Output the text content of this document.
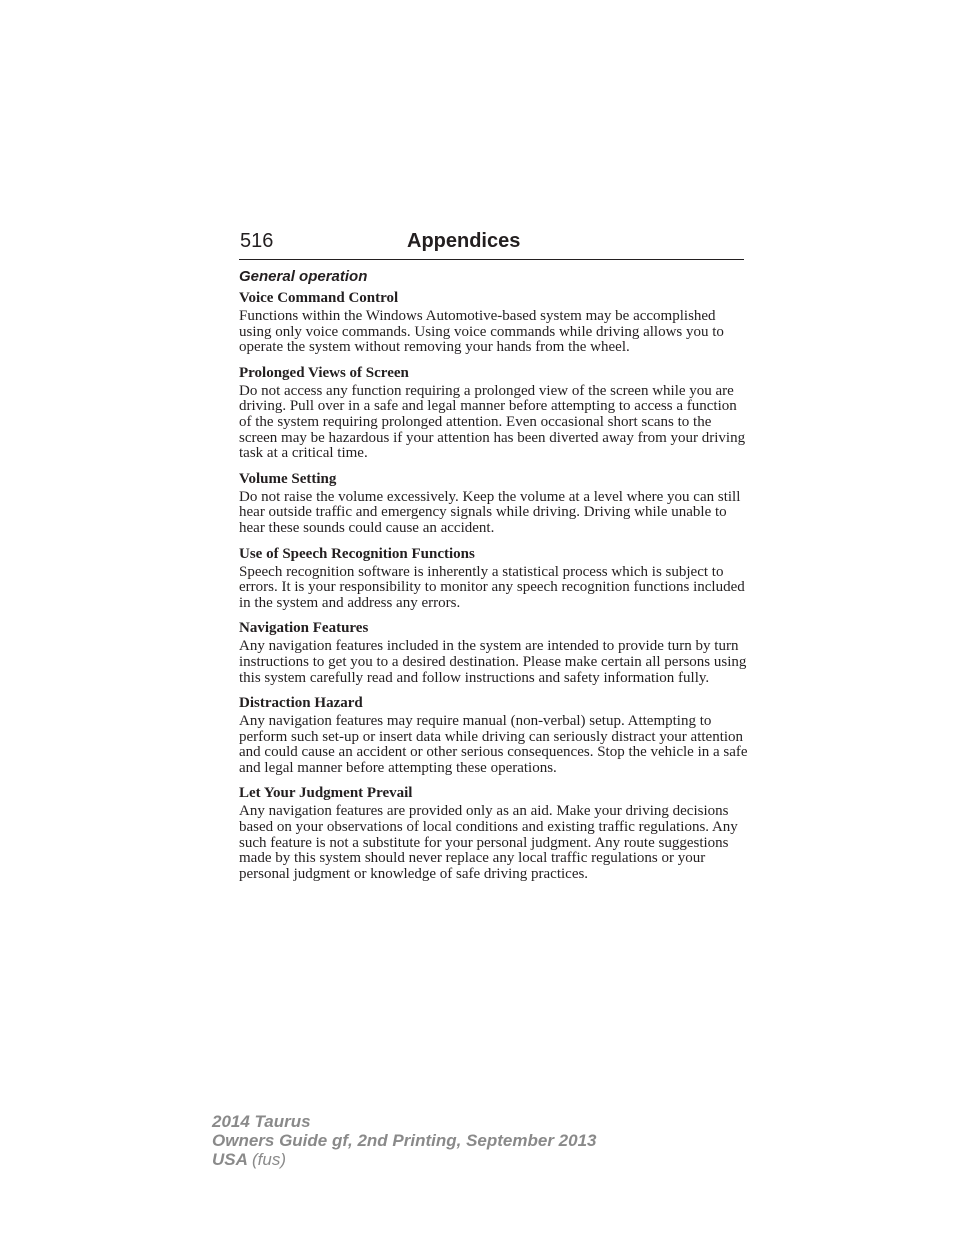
516	Appendices
General operation
Voice Command Control
Functions within the Windows Automotive-based system may be accomplished using only voice commands. Using voice commands while driving allows you to operate the system without removing your hands from the wheel.
Prolonged Views of Screen
Do not access any function requiring a prolonged view of the screen while you are driving. Pull over in a safe and legal manner before attempting to access a function of the system requiring prolonged attention. Even occasional short scans to the screen may be hazardous if your attention has been diverted away from your driving task at a critical time.
Volume Setting
Do not raise the volume excessively. Keep the volume at a level where you can still hear outside traffic and emergency signals while driving. Driving while unable to hear these sounds could cause an accident.
Use of Speech Recognition Functions
Speech recognition software is inherently a statistical process which is subject to errors. It is your responsibility to monitor any speech recognition functions included in the system and address any errors.
Navigation Features
Any navigation features included in the system are intended to provide turn by turn instructions to get you to a desired destination. Please make certain all persons using this system carefully read and follow instructions and safety information fully.
Distraction Hazard
Any navigation features may require manual (non-verbal) setup. Attempting to perform such set-up or insert data while driving can seriously distract your attention and could cause an accident or other serious consequences. Stop the vehicle in a safe and legal manner before attempting these operations.
Let Your Judgment Prevail
Any navigation features are provided only as an aid. Make your driving decisions based on your observations of local conditions and existing traffic regulations. Any such feature is not a substitute for your personal judgment. Any route suggestions made by this system should never replace any local traffic regulations or your personal judgment or knowledge of safe driving practices.
2014 Taurus
Owners Guide gf, 2nd Printing, September 2013
USA (fus)
